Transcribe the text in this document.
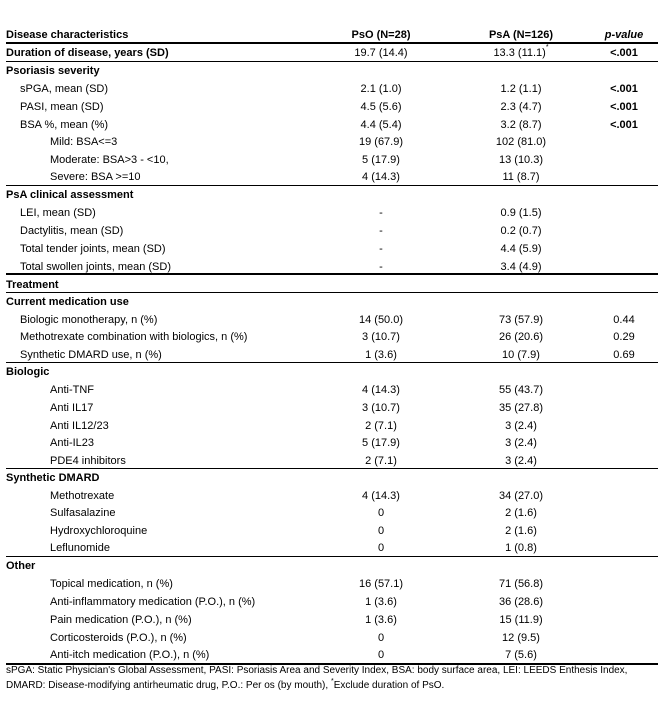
Disease characteristics	PsO (N=28)	PsA (N=126)	p-value
Duration of disease, years (SD)	19.7 (14.4)	13.3 (11.1)*	<.001
Psoriasis severity
sPGA, mean (SD)	2.1 (1.0)	1.2 (1.1)	<.001
PASI, mean (SD)	4.5 (5.6)	2.3 (4.7)	<.001
BSA %, mean (%)	4.4 (5.4)	3.2 (8.7)	<.001
Mild: BSA<=3	19 (67.9)	102 (81.0)
Moderate: BSA>3 - <10,	5 (17.9)	13 (10.3)
Severe: BSA >=10	4 (14.3)	11 (8.7)
PsA clinical assessment
LEI, mean (SD)	-	0.9 (1.5)
Dactylitis, mean (SD)	-	0.2 (0.7)
Total tender joints, mean (SD)	-	4.4 (5.9)
Total swollen joints, mean (SD)	-	3.4 (4.9)
Treatment
Current medication use
Biologic monotherapy, n (%)	14 (50.0)	73 (57.9)	0.44
Methotrexate combination with biologics, n (%)	3 (10.7)	26 (20.6)	0.29
Synthetic DMARD use, n (%)	1 (3.6)	10 (7.9)	0.69
Biologic
Anti-TNF	4 (14.3)	55 (43.7)
Anti IL17	3 (10.7)	35 (27.8)
Anti IL12/23	2 (7.1)	3 (2.4)
Anti-IL23	5 (17.9)	3 (2.4)
PDE4 inhibitors	2 (7.1)	3 (2.4)
Synthetic DMARD
Methotrexate	4 (14.3)	34 (27.0)
Sulfasalazine	0	2 (1.6)
Hydroxychloroquine	0	2 (1.6)
Leflunomide	0	1 (0.8)
Other
Topical medication, n (%)	16 (57.1)	71 (56.8)
Anti-inflammatory medication (P.O.), n (%)	1 (3.6)	36 (28.6)
Pain medication (P.O.), n (%)	1 (3.6)	15 (11.9)
Corticosteroids (P.O.), n (%)	0	12 (9.5)
Anti-itch medication (P.O.), n (%)	0	7 (5.6)
sPGA: Static Physician's Global Assessment, PASI: Psoriasis Area and Severity Index, BSA: body surface area, LEI: LEEDS Enthesis Index, DMARD: Disease-modifying antirheumatic drug, P.O.: Per os (by mouth), *Exclude duration of PsO.
